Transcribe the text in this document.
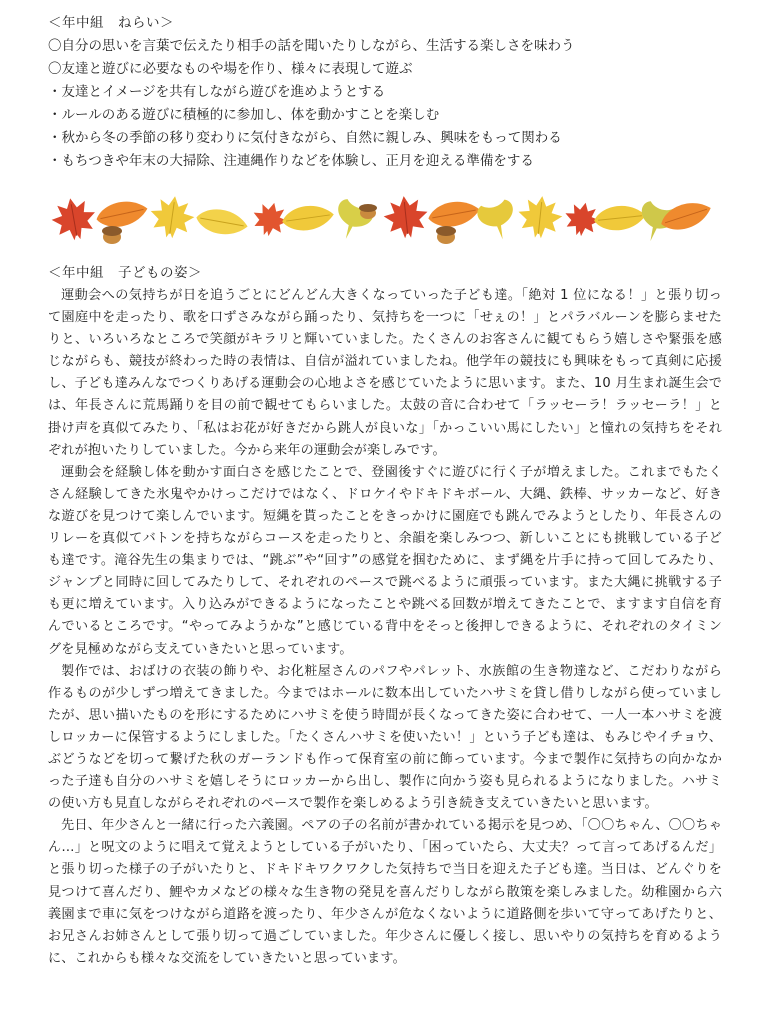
＜年中組　ねらい＞
〇自分の思いを言葉で伝えたり相手の話を聞いたりしながら、生活する楽しさを味わう
〇友達と遊びに必要なものや場を作り、様々に表現して遊ぶ
・友達とイメージを共有しながら遊びを進めようとする
・ルールのある遊びに積極的に参加し、体を動かすことを楽しむ
・秋から冬の季節の移り変わりに気付きながら、自然に親しみ、興味をもって関わる
・もちつきや年末の大掃除、注連縄作りなどを体験し、正月を迎える準備をする
＜年中組　子どもの姿＞

運動会への気持ちが日を追うごとにどんどん大きくなっていった子ども達。「絶対 1 位になる！」と張り切って園庭中を走ったり、歌を口ずさみながら踊ったり、気持ちを一つに「せぇの！」とパラバルーンを膨らませたりと、いろいろなところで笑顔がキラリと輝いていました。たくさんのお客さんに観てもらう嬉しさや緊張を感じながらも、競技が終わった時の表情は、自信が溢れていましたね。他学年の競技にも興味をもって真剣に応援し、子ども達みんなでつくりあげる運動会の心地よさを感じていたように思います。また、10 月生まれ誕生会では、年長さんに荒馬踊りを目の前で観せてもらいました。太鼓の音に合わせて「ラッセーラ！ラッセーラ！」と掛け声を真似てみたり、「私はお花が好きだから跳人が良いな」「かっこいい馬にしたい」と憧れの気持ちをそれぞれが抱いたりしていました。今から来年の運動会が楽しみです。

運動会を経験し体を動かす面白さを感じたことで、登園後すぐに遊びに行く子が増えました。これまでもたくさん経験してきた氷鬼やかけっこだけではなく、ドロケイやドキドキボール、大縄、鉄棒、サッカーなど、好きな遊びを見つけて楽しんでいます。短縄を貰ったことをきっかけに園庭でも跳んでみようとしたり、年長さんのリレーを真似てバトンを持ちながらコースを走ったりと、余韻を楽しみつつ、新しいことにも挑戦している子ども達です。滝谷先生の集まりでは、“跳ぶ”や“回す”の感覚を掴むために、まず縄を片手に持って回してみたり、ジャンプと同時に回してみたりして、それぞれのペースで跳べるように頑張っています。また大縄に挑戦する子も更に増えています。入り込みができるようになったことや跳べる回数が増えてきたことで、ますます自信を育んでいるところです。“やってみようかな”と感じている背中をそっと後押しできるように、それぞれのタイミングを見極めながら支えていきたいと思っています。

製作では、おばけの衣装の飾りや、お化粧屋さんのパフやパレット、水族館の生き物達など、こだわりながら作るものが少しずつ増えてきました。今まではホールに数本出していたハサミを貸し借りしながら使っていましたが、思い描いたものを形にするためにハサミを使う時間が長くなってきた姿に合わせて、一人一本ハサミを渡しロッカーに保管するようにしました。「たくさんハサミを使いたい！」という子ども達は、もみじやイチョウ、ぶどうなどを切って繋げた秋のガーランドも作って保育室の前に飾っています。今まで製作に気持ちの向かなかった子達も自分のハサミを嬉しそうにロッカーから出し、製作に向かう姿も見られるようになりました。ハサミの使い方も見直しながらそれぞれのペースで製作を楽しめるよう引き続き支えていきたいと思います。

先日、年少さんと一緒に行った六義園。ペアの子の名前が書かれている掲示を見つめ、「〇〇ちゃん、〇〇ちゃん…」と呪文のように唱えて覚えようとしている子がいたり、「困っていたら、大丈夫？って言ってあげるんだ」と張り切った様子の子がいたりと、ドキドキワクワクした気持ちで当日を迎えた子ども達。当日は、どんぐりを見つけて喜んだり、鯉やカメなどの様々な生き物の発見を喜んだりしながら散策を楽しみました。幼稚園から六義園まで車に気をつけながら道路を渡ったり、年少さんが危なくないように道路側を歩いて守ってあげたりと、お兄さんお姉さんとして張り切って過ごしていました。年少さんに優しく接し、思いやりの気持ちを育めるように、これからも様々な交流をしていきたいと思っています。
